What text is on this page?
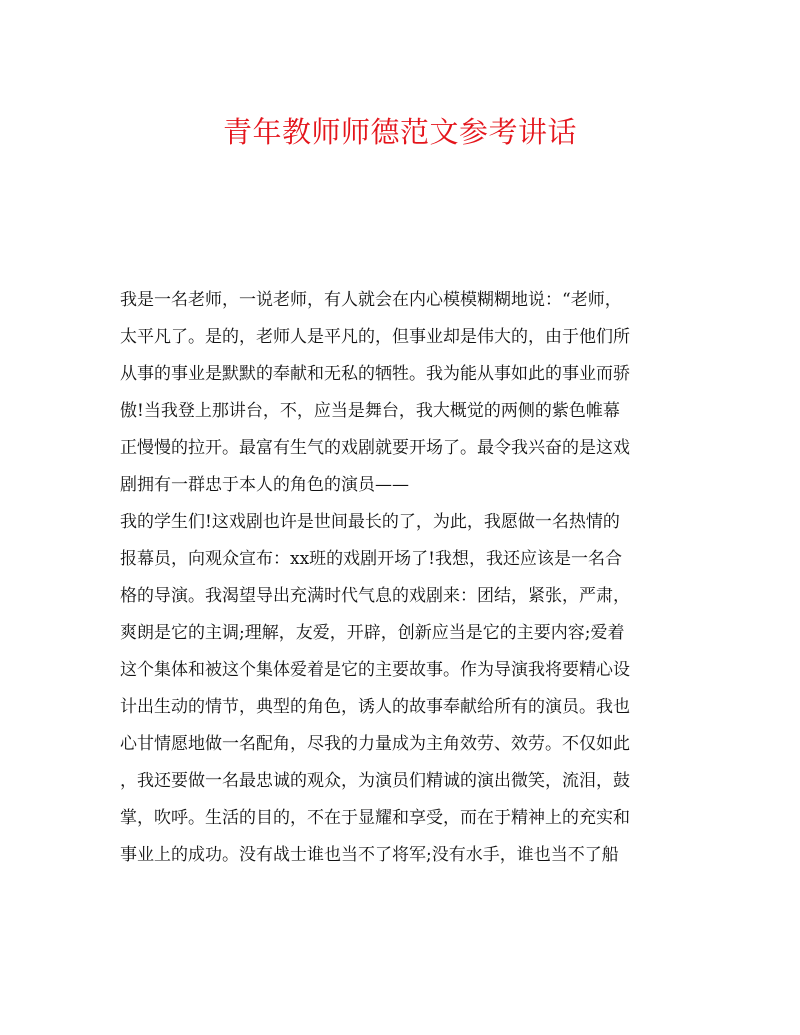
青年教师师德范文参考讲话
我是一名老师，一说老师，有人就会在内心模模糊糊地说：“老师，
太平凡了。是的，老师人是平凡的，但事业却是伟大的，由于他们所
从事的事业是默默的奉献和无私的牺牲。我为能从事如此的事业而骄
傲!当我登上那讲台，不，应当是舞台，我大概觉的两侧的紫色帷幕
正慢慢的拉开。最富有生气的戏剧就要开场了。最令我兴奋的是这戏
剧拥有一群忠于本人的角色的演员——
我的学生们!这戏剧也许是世间最长的了，为此，我愿做一名热情的
报幕员，向观众宣布：xx班的戏剧开场了!我想，我还应该是一名合
格的导演。我渴望导出充满时代气息的戏剧来：团结，紧张，严肃，
爽朗是它的主调;理解，友爱，开辟，创新应当是它的主要内容;爱着
这个集体和被这个集体爱着是它的主要故事。作为导演我将要精心设
计出生动的情节，典型的角色，诱人的故事奉献给所有的演员。我也
心甘情愿地做一名配角，尽我的力量成为主角效劳、效劳。不仅如此
，我还要做一名最忠诚的观众，为演员们精诚的演出微笑，流泪，鼓
掌，吹呼。生活的目的，不在于显耀和享受，而在于精神上的充实和
事业上的成功。没有战士谁也当不了将军;没有水手，谁也当不了船
